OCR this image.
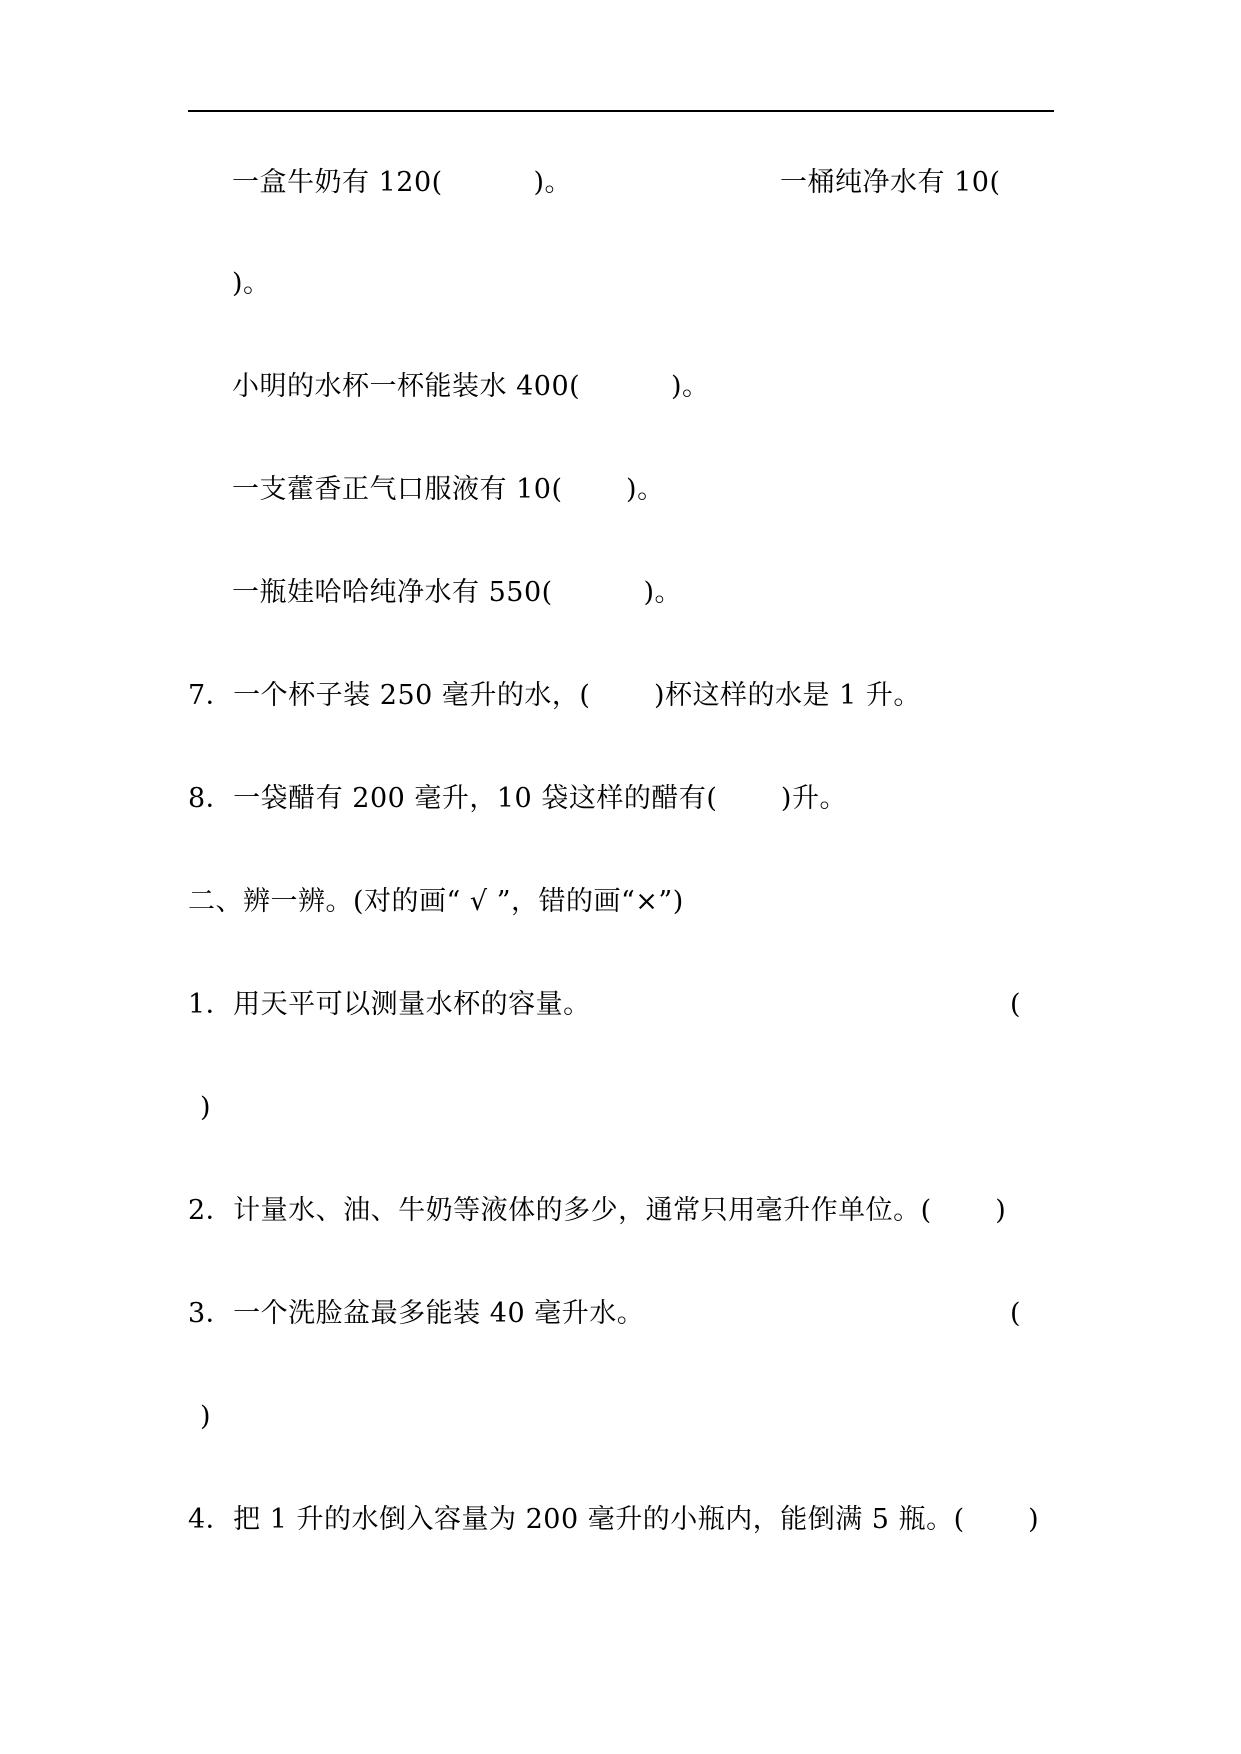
一盒牛奶有 120(          )。	一桶纯净水有 10(
)。
小明的水杯一杯能装水 400(          )。
一支藿香正气口服液有 10(       )。
一瓶娃哈哈纯净水有 550(          )。
7．一个杯子装 250 毫升的水，(       )杯这样的水是 1 升。
8．一袋醋有 200 毫升，10 袋这样的醋有(       )升。
二、辨一辨。(对的画“ √ ”，错的画“×”)
1．用天平可以测量水杯的容量。	(
)
2．计量水、油、牛奶等液体的多少，通常只用毫升作单位。(       )
3．一个洗脸盆最多能装 40 毫升水。	(
)
4．把 1 升的水倒入容量为 200 毫升的小瓶内，能倒满 5 瓶。(       )
